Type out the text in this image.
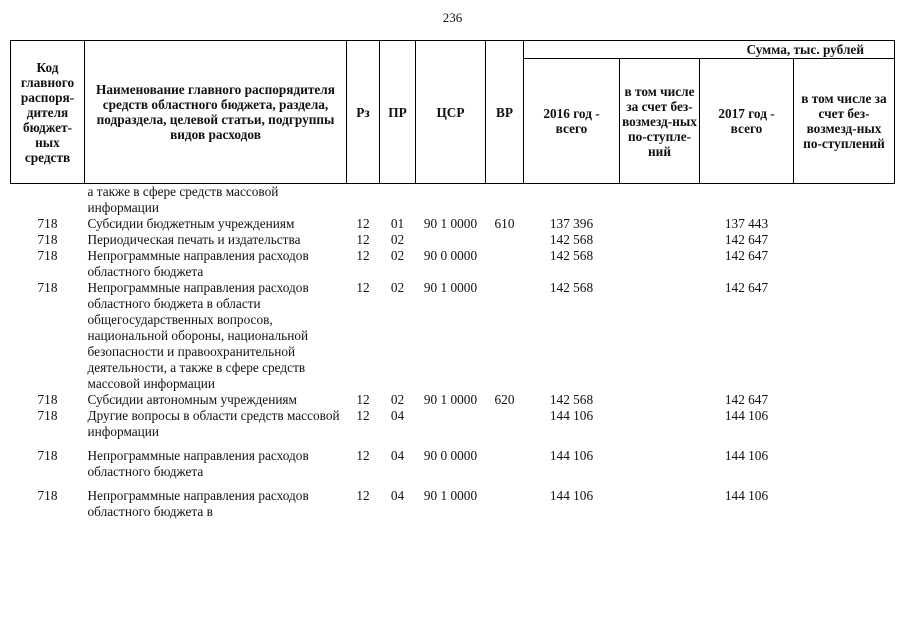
236
Код главного распоря-дителя бюджет-ных средств	Наименование главного распорядителя средств областного бюджета, раздела, подраздела, целевой статьи, подгруппы видов расходов	Рз	ПР	ЦСР	ВР	Сумма, тыс. рублей			
						2016 год - всего	в том числе за счет без-возмезд-ных по-ступле-ний	2017 год - всего	в том числе за счет без-возмезд-ных по-ступлений
	а также в сфере средств массовой информации								
718	Субсидии бюджетным учреждениям	12	01	90 1 0000	610	137 396		137 443	
718	Периодическая печать и издательства	12	02			142 568		142 647	
718	Непрограммные направления расходов областного бюджета	12	02	90 0 0000		142 568		142 647	
718	Непрограммные направления расходов областного бюджета в области общегосударственных вопросов, национальной обороны, национальной безопасности и правоохранительной деятельности, а также в сфере средств массовой информации	12	02	90 1 0000		142 568		142 647	
718	Субсидии автономным учреждениям	12	02	90 1 0000	620	142 568		142 647	
718	Другие вопросы в области средств массовой информации	12	04			144 106		144 106	
718	Непрограммные направления расходов областного бюджета	12	04	90 0 0000		144 106		144 106	
718	Непрограммные направления расходов областного бюджета в	12	04	90 1 0000		144 106		144 106	
